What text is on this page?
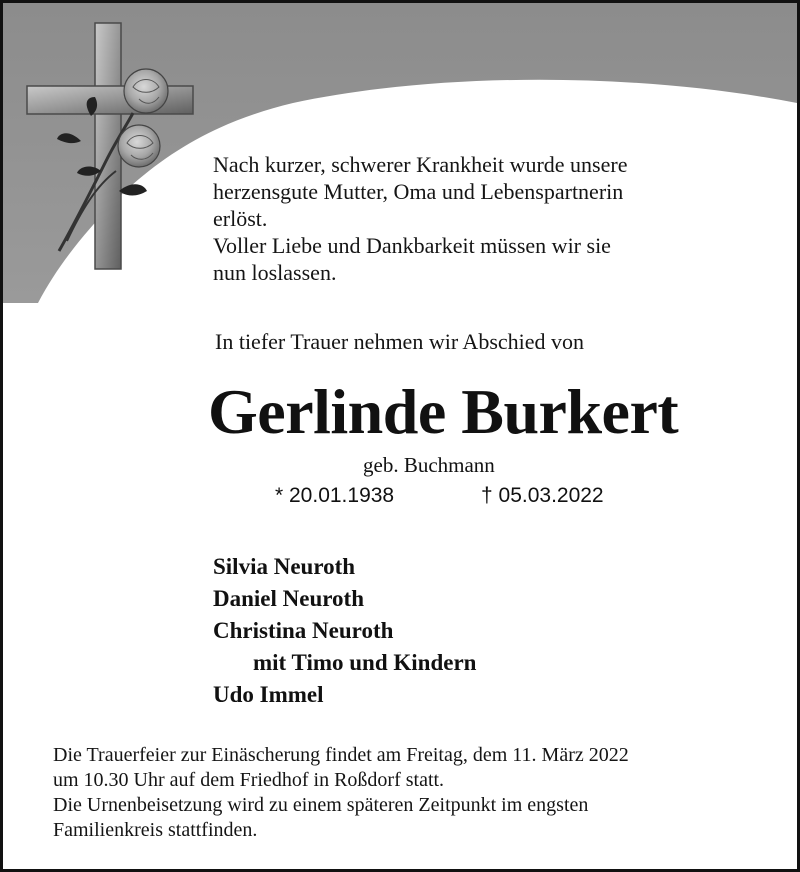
Nach kurzer, schwerer Krankheit wurde unsere
herzensgute Mutter, Oma und Lebenspartnerin
erlöst.

Voller Liebe und Dankbarkeit müssen wir sie
nun loslassen.

In tiefer Trauer nehmen wir Abschied von
Gerlinde Burkert
geb. Buchmann
* 20.01.1938	† 05.03.2022
Silvia Neuroth
Daniel Neuroth
Christina Neuroth
mit Timo und Kindern
Udo Immel

Die Trauerfeier zur Einäscherung findet am Freitag, dem 11. März 2022

um 10.30 Uhr auf dem Friedhof in Roßdorf statt.

Die Urnenbeisetzung wird zu einem späteren Zeitpunkt im engsten

Familienkreis stattfinden.
